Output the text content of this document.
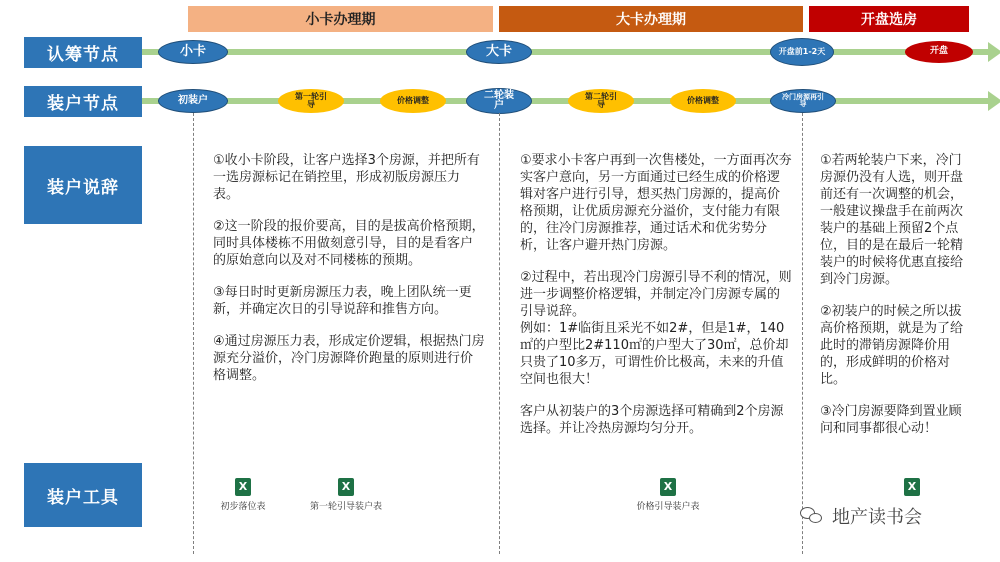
小卡办理期	大卡办理期	开盘选房
认筹节点
装户节点
装户说辞
装户工具
小卡	大卡	开盘前1-2天	开盘
初装户	第一轮引导	价格调整	二轮装户
第二轮引导	价格调整	冷门房源再引导

①收小卡阶段，让客户选择3个房源，并把所有一选房源标记在销控里，形成初版房源压力表。

②这一阶段的报价要高，目的是拔高价格预期，同时具体楼栋不用做刻意引导，目的是看客户的原始意向以及对不同楼栋的预期。

③每日时时更新房源压力表，晚上团队统一更新，并确定次日的引导说辞和推售方向。

④通过房源压力表，形成定价逻辑，根据热门房源充分溢价，冷门房源降价跑量的原则进行价格调整。

①要求小卡客户再到一次售楼处，一方面再次夯实客户意向，另一方面通过已经生成的价格逻辑对客户进行引导，想买热门房源的，提高价格预期，让优质房源充分溢价，支付能力有限的，往冷门房源推荐，通过话术和优劣势分析，让客户避开热门房源。

②过程中，若出现冷门房源引导不利的情况，则进一步调整价格逻辑，并制定冷门房源专属的引导说辞。
例如：1#临街且采光不如2#，但是1#，140㎡的户型比2#110㎡的户型大了30㎡，总价却只贵了10多万，可谓性价比极高，未来的升值空间也很大！

客户从初装户的3个房源选择可精确到2个房源选择。并让冷热房源均匀分开。

①若两轮装户下来，冷门房源仍没有人选，则开盘前还有一次调整的机会，一般建议操盘手在前两次装户的基础上预留2个点位，目的是在最后一轮精装户的时候将优惠直接给到冷门房源。

②初装户的时候之所以拔高价格预期，就是为了给此时的滞销房源降价用的，形成鲜明的价格对比。

③冷门房源要降到置业顾问和同事都很心动！

X
初步落位表
X
第一轮引导装户表
X
价格引导装户表
X
地产读书会
